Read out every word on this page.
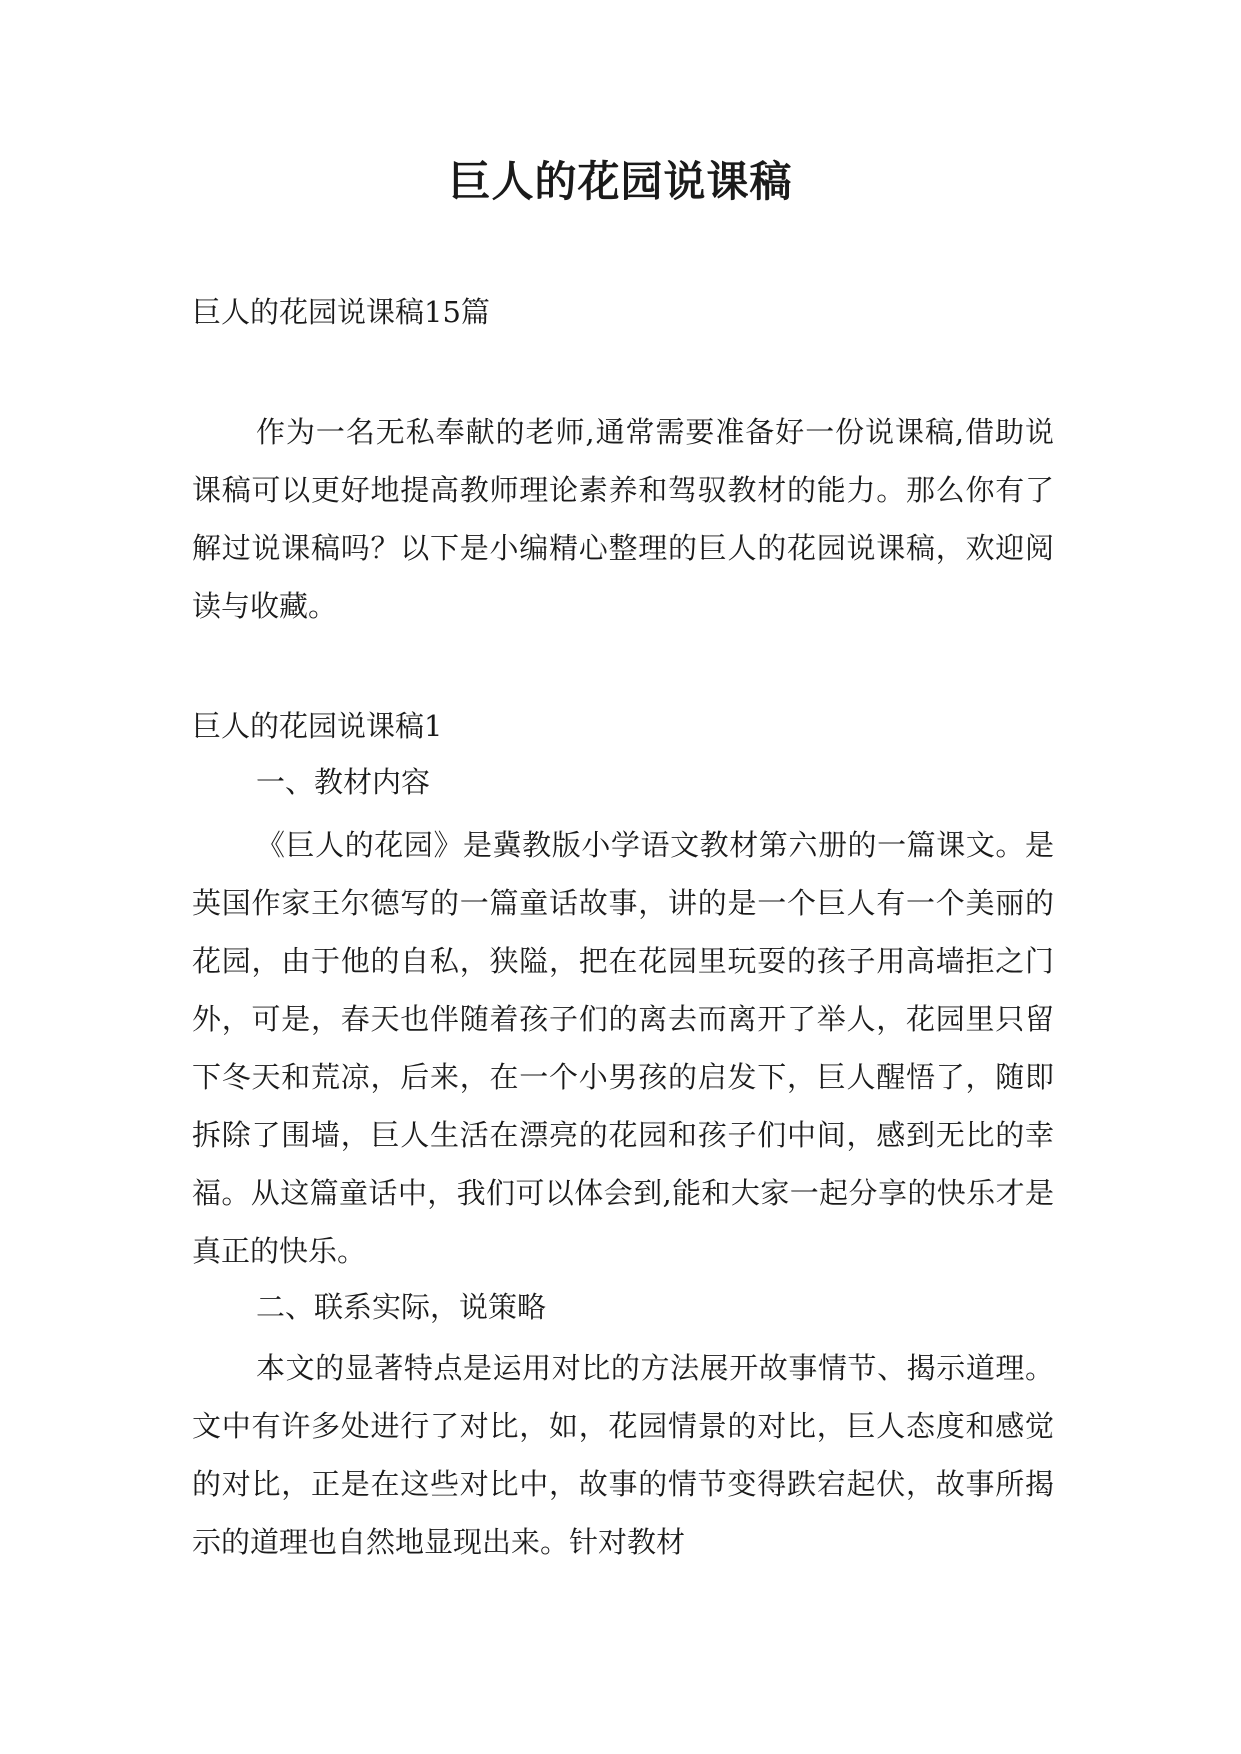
巨人的花园说课稿

巨人的花园说课稿15篇

作为一名无私奉献的老师,通常需要准备好一份说课稿,借助说课稿可以更好地提高教师理论素养和驾驭教材的能力。那么你有了解过说课稿吗？以下是小编精心整理的巨人的花园说课稿，欢迎阅读与收藏。

巨人的花园说课稿1

一、教材内容

《巨人的花园》是冀教版小学语文教材第六册的一篇课文。是英国作家王尔德写的一篇童话故事，讲的是一个巨人有一个美丽的花园，由于他的自私，狭隘，把在花园里玩耍的孩子用高墙拒之门外，可是，春天也伴随着孩子们的离去而离开了举人，花园里只留下冬天和荒凉，后来，在一个小男孩的启发下，巨人醒悟了，随即拆除了围墙，巨人生活在漂亮的花园和孩子们中间，感到无比的幸福。从这篇童话中，我们可以体会到,能和大家一起分享的快乐才是真正的快乐。

二、联系实际，说策略

本文的显著特点是运用对比的方法展开故事情节、揭示道理。文中有许多处进行了对比，如，花园情景的对比，巨人态度和感觉的对比，正是在这些对比中，故事的情节变得跌宕起伏，故事所揭示的道理也自然地显现出来。针对教材
